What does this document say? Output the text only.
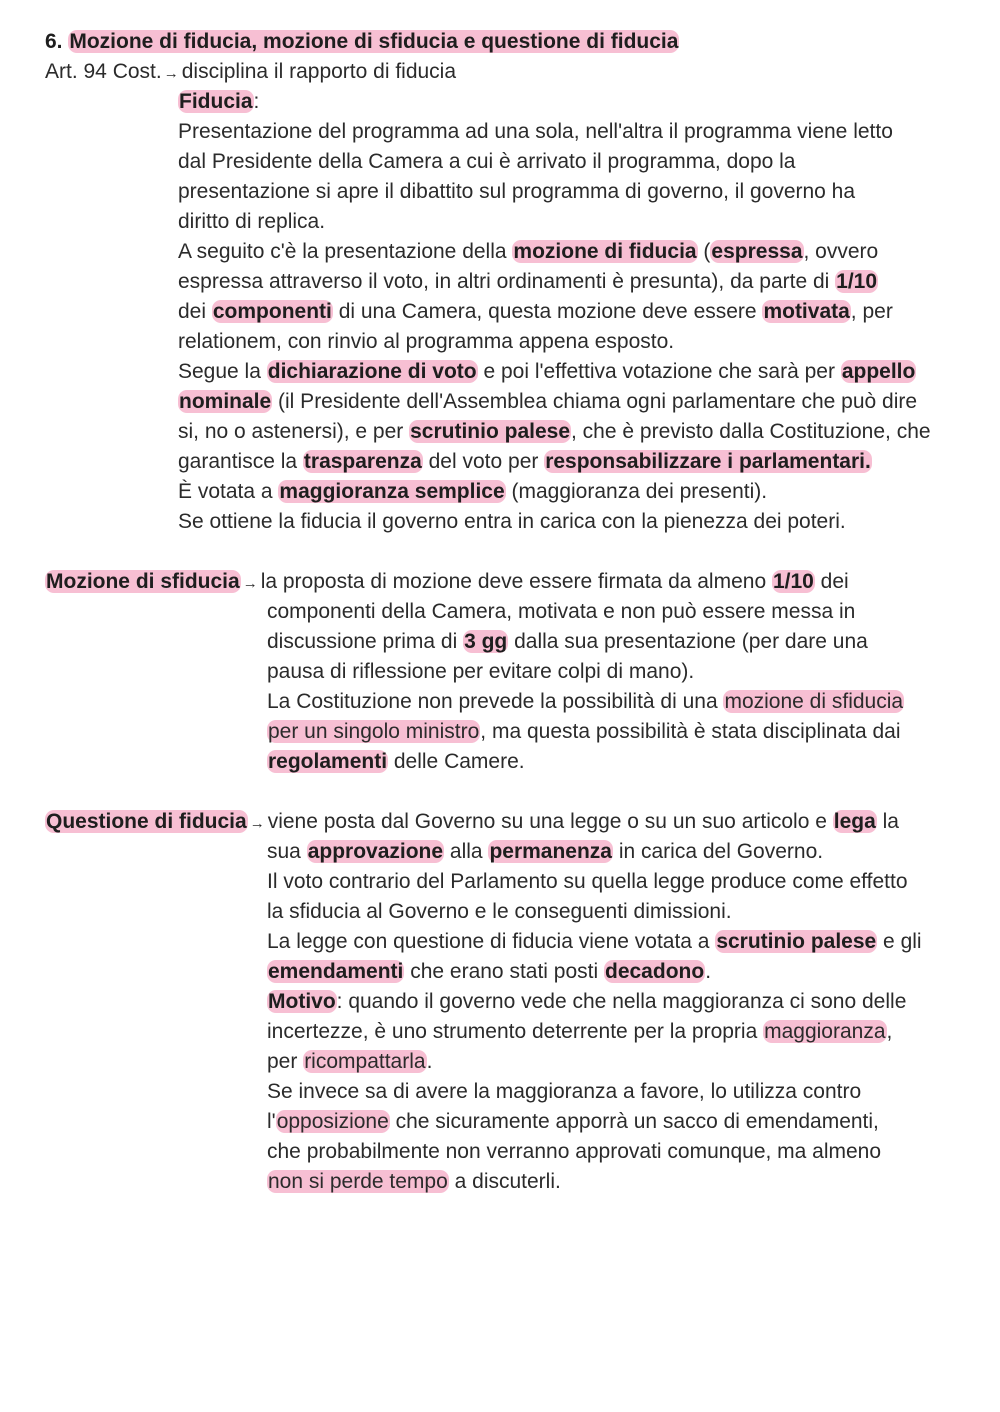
6. Mozione di fiducia, mozione di sfiducia e questione di fiducia
Art. 94 Cost. → disciplina il rapporto di fiducia
Fiducia:
Presentazione del programma ad una sola, nell'altra il programma viene letto
dal Presidente della Camera a cui è arrivato il programma, dopo la
presentazione si apre il dibattito sul programma di governo, il governo ha
diritto di replica.
A seguito c'è la presentazione della mozione di fiducia (espressa, ovvero
espressa attraverso il voto, in altri ordinamenti è presunta), da parte di 1/10
dei componenti di una Camera, questa mozione deve essere motivata, per
relationem, con rinvio al programma appena esposto.
Segue la dichiarazione di voto e poi l'effettiva votazione che sarà per appello
nominale (il Presidente dell'Assemblea chiama ogni parlamentare che può dire
si, no o astenersi), e per scrutinio palese, che è previsto dalla Costituzione, che
garantisce la trasparenza del voto per responsabilizzare i parlamentari.
È votata a maggioranza semplice (maggioranza dei presenti).
Se ottiene la fiducia il governo entra in carica con la pienezza dei poteri.
Mozione di sfiducia → la proposta di mozione deve essere firmata da almeno 1/10 dei
componenti della Camera, motivata e non può essere messa in
discussione prima di 3 gg dalla sua presentazione (per dare una
pausa di riflessione per evitare colpi di mano).
La Costituzione non prevede la possibilità di una mozione di sfiducia
per un singolo ministro, ma questa possibilità è stata disciplinata dai
regolamenti delle Camere.
Questione di fiducia → viene posta dal Governo su una legge o su un suo articolo e lega la
sua approvazione alla permanenza in carica del Governo.
Il voto contrario del Parlamento su quella legge produce come effetto
la sfiducia al Governo e le conseguenti dimissioni.
La legge con questione di fiducia viene votata a scrutinio palese e gli
emendamenti che erano stati posti decadono.
Motivo: quando il governo vede che nella maggioranza ci sono delle
incertezze, è uno strumento deterrente per la propria maggioranza,
per ricompattarla.
Se invece sa di avere la maggioranza a favore, lo utilizza contro
l'opposizione che sicuramente apporrà un sacco di emendamenti,
che probabilmente non verranno approvati comunque, ma almeno
non si perde tempo a discuterli.
